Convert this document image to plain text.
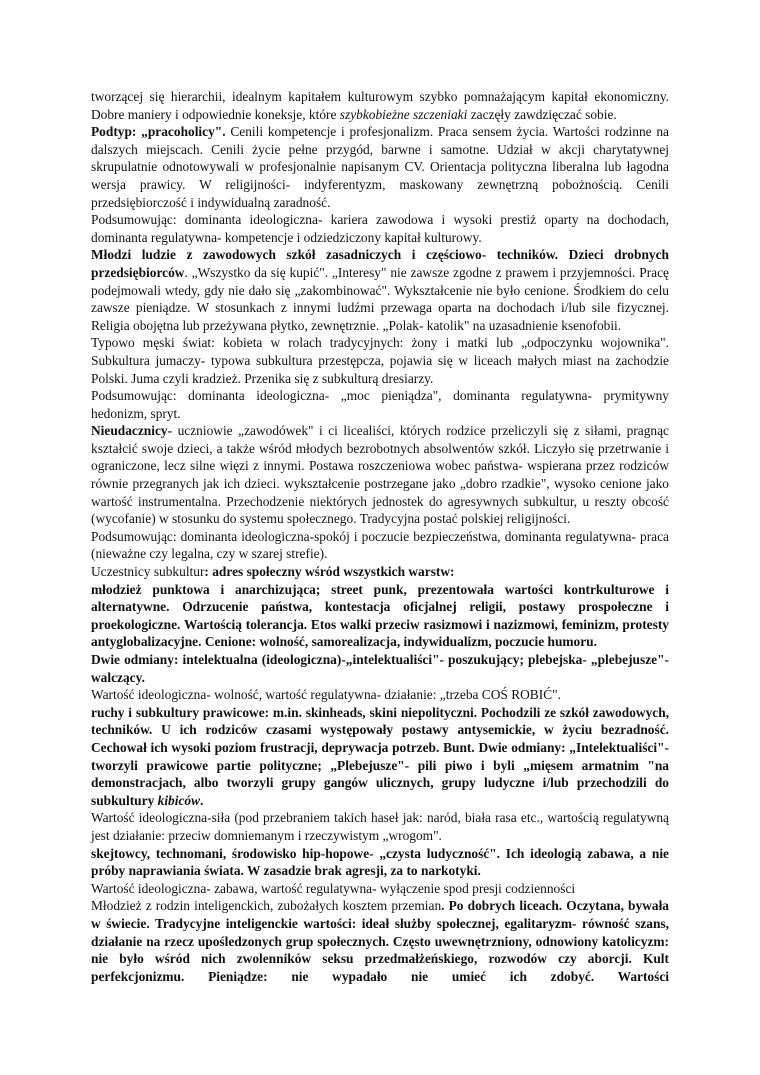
tworzącej się hierarchii, idealnym kapitałem kulturowym szybko pomnażającym kapitał ekonomiczny. Dobre maniery i odpowiednie koneksje, które szybkobieżne szczeniaki zaczęły zawdzięczać sobie.

Podtyp: „pracoholicy". Cenili kompetencje i profesjonalizm. Praca sensem życia. Wartości rodzinne na dalszych miejscach. Cenili życie pełne przygód, barwne i samotne. Udział w akcji charytatywnej skrupulatnie odnotowywali w profesjonalnie napisanym CV. Orientacja polityczna liberalna lub łagodna wersja prawicy. W religijności- indyferentyzm, maskowany zewnętrzną pobożnością. Cenili przedsiębiorczość i indywidualną zaradność.

Podsumowując: dominanta ideologiczna- kariera zawodowa i wysoki prestiż oparty na dochodach, dominanta regulatywna- kompetencje i odziedziczony kapitał kulturowy.

Młodzi ludzie z zawodowych szkół zasadniczych i częściowo- techników. Dzieci drobnych przedsiębiorców. „Wszystko da się kupić". „Interesy" nie zawsze zgodne z prawem i przyjemności. Pracę podejmowali wtedy, gdy nie dało się „zakombinować". Wykształcenie nie było cenione. Środkiem do celu zawsze pieniądze. W stosunkach z innymi ludźmi przewaga oparta na dochodach i/lub sile fizycznej. Religia obojętna lub przeżywana płytko, zewnętrznie. „Polak- katolik" na uzasadnienie ksenofobii.

Typowo męski świat: kobieta w rolach tradycyjnych: żony i matki lub „odpoczynku wojownika". Subkultura jumaczy- typowa subkultura przestępcza, pojawia się w liceach małych miast na zachodzie Polski. Juma czyli kradzież. Przenika się z subkulturą dresiarzy.

Podsumowując: dominanta ideologiczna- „moc pieniądza", dominanta regulatywna- prymitywny hedonizm, spryt.

Nieudacznicy- uczniowie „zawodówek" i ci licealiści, których rodzice przeliczyli się z siłami, pragnąc kształcić swoje dzieci, a także wśród młodych bezrobotnych absolwentów szkół. Liczyło się przetrwanie i ograniczone, lecz silne więzi z innymi. Postawa roszczeniowa wobec państwa- wspierana przez rodziców równie przegranych jak ich dzieci. wykształcenie postrzegane jako „dobro rzadkie", wysoko cenione jako wartość instrumentalna. Przechodzenie niektórych jednostek do agresywnych subkultur, u reszty obcość (wycofanie) w stosunku do systemu społecznego. Tradycyjna postać polskiej religijności.

Podsumowując: dominanta ideologiczna-spokój i poczucie bezpieczeństwa, dominanta regulatywna- praca (nieważne czy legalna, czy w szarej strefie).

Uczestnicy subkultur: adres społeczny wśród wszystkich warstw:

młodzież punktowa i anarchizująca; street punk, prezentowała wartości kontrkulturowe i alternatywne. Odrzucenie państwa, kontestacja oficjalnej religii, postawy prospołeczne i proekologiczne. Wartością tolerancja. Etos walki przeciw rasizmowi i nazizmowi, feminizm, protesty antyglobalizacyjne. Cenione: wolność, samorealizacja, indywidualizm, poczucie humoru.

Dwie odmiany: intelektualna (ideologiczna)-„intelektualiści"- poszukujący; plebejska- „plebejusze"-walczący.

Wartość ideologiczna- wolność, wartość regulatywna- działanie: „trzeba COŚ ROBIĆ".

ruchy i subkultury prawicowe: m.in. skinheads, skini niepolityczni. Pochodzili ze szkół zawodowych, techników. U ich rodziców czasami występowały postawy antysemickie, w życiu bezradność. Cechował ich wysoki poziom frustracji, deprywacja potrzeb. Bunt. Dwie odmiany: „Intelektualiści"- tworzyli prawicowe partie polityczne; „Plebejusze"- pili piwo i byli „mięsem armatnim "na demonstracjach, albo tworzyli grupy gangów ulicznych, grupy ludyczne i/lub przechodzili do subkultury kibiców.

Wartość ideologiczna-siła (pod przebraniem takich haseł jak: naród, biała rasa etc., wartością regulatywną jest działanie: przeciw domniemanym i rzeczywistym „wrogom".

skejtowcy, technomani, środowisko hip-hopowe- „czysta ludyczność". Ich ideologią zabawa, a nie próby naprawiania świata. W zasadzie brak agresji, za to narkotyki.

Wartość ideologiczna- zabawa, wartość regulatywna- wyłączenie spod presji codzienności

Młodzież z rodzin inteligenckich, zubożałych kosztem przemian. Po dobrych liceach. Oczytana, bywała w świecie. Tradycyjne inteligenckie wartości: ideał służby społecznej, egalitaryzm- równość szans, działanie na rzecz upośledzonych grup społecznych. Często uwewnętrzniony, odnowiony katolicyzm: nie było wśród nich zwolenników seksu przedmałżeńskiego, rozwodów czy aborcji. Kult perfekcjonizmu. Pieniądze: nie wypadało nie umieć ich zdobyć. Wartości
